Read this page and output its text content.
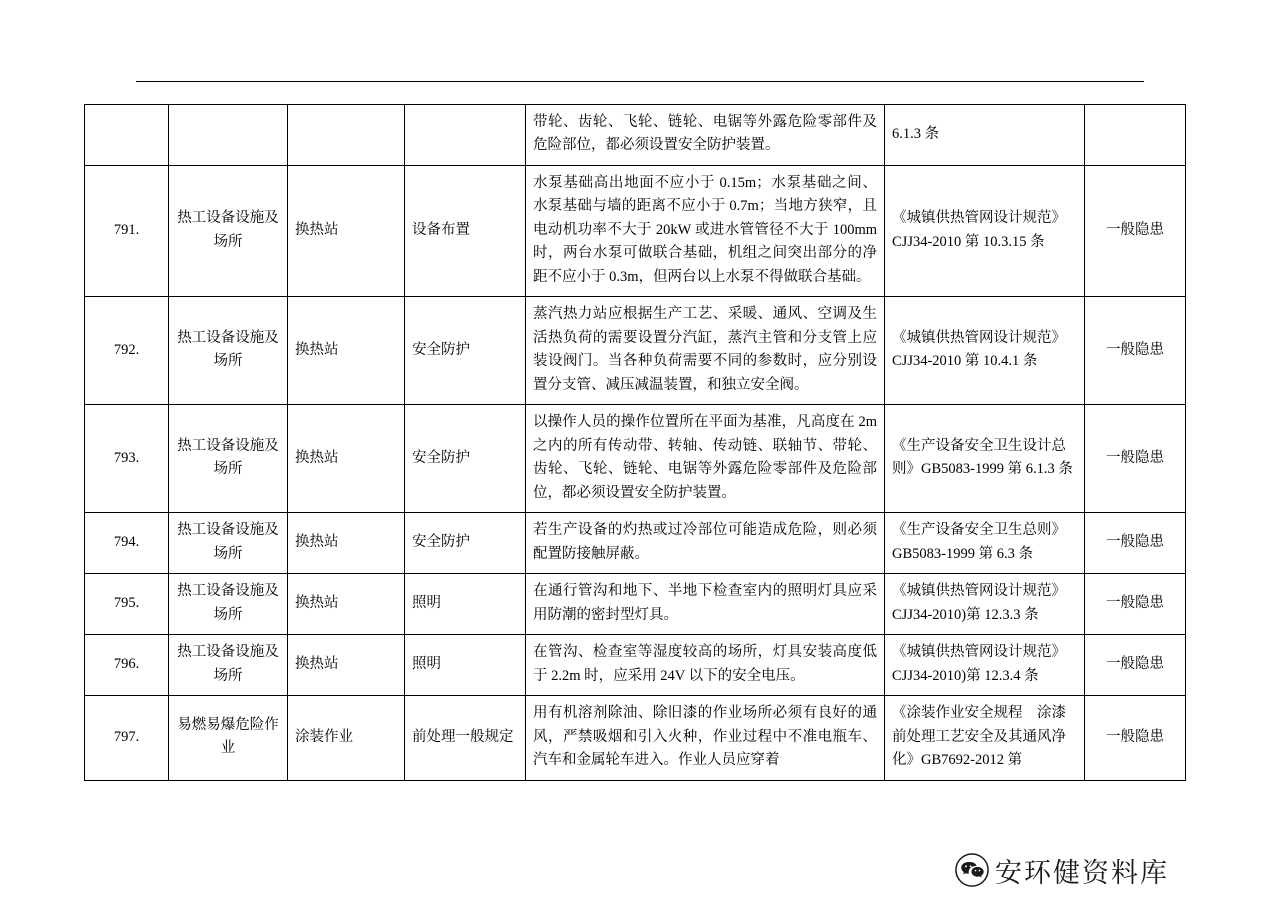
				带轮、齿轮、飞轮、链轮、电锯等外露危险零部件及危险部位，都必须设置安全防护装置。	6.1.3 条	
791.	热工设备设施及场所	换热站	设备布置	水泵基础高出地面不应小于 0.15m；水泵基础之间、水泵基础与墙的距离不应小于 0.7m；当地方狭窄，且电动机功率不大于 20kW 或进水管管径不大于 100mm 时，两台水泵可做联合基础，机组之间突出部分的净距不应小于 0.3m，但两台以上水泵不得做联合基础。	《城镇供热管网设计规范》CJJ34-2010 第 10.3.15 条	一般隐患
792.	热工设备设施及场所	换热站	安全防护	蒸汽热力站应根据生产工艺、采暖、通风、空调及生活热负荷的需要设置分汽缸，蒸汽主管和分支管上应装设阀门。当各种负荷需要不同的参数时，应分别设置分支管、减压减温装置，和独立安全阀。	《城镇供热管网设计规范》CJJ34-2010 第 10.4.1 条	一般隐患
793.	热工设备设施及场所	换热站	安全防护	以操作人员的操作位置所在平面为基准，凡高度在 2m 之内的所有传动带、转轴、传动链、联轴节、带轮、齿轮、飞轮、链轮、电锯等外露危险零部件及危险部位，都必须设置安全防护装置。	《生产设备安全卫生设计总则》GB5083-1999 第 6.1.3 条	一般隐患
794.	热工设备设施及场所	换热站	安全防护	若生产设备的灼热或过冷部位可能造成危险，则必须配置防接触屏蔽。	《生产设备安全卫生总则》GB5083-1999 第 6.3 条	一般隐患
795.	热工设备设施及场所	换热站	照明	在通行管沟和地下、半地下检查室内的照明灯具应采用防潮的密封型灯具。	《城镇供热管网设计规范》CJJ34-2010)第 12.3.3 条	一般隐患
796.	热工设备设施及场所	换热站	照明	在管沟、检查室等湿度较高的场所，灯具安装高度低于 2.2m 时，应采用 24V 以下的安全电压。	《城镇供热管网设计规范》CJJ34-2010)第 12.3.4 条	一般隐患
797.	易燃易爆危险作业	涂装作业	前处理一般规定	用有机溶剂除油、除旧漆的作业场所必须有良好的通风，严禁吸烟和引入火种，作业过程中不准电瓶车、汽车和金属轮车进入。作业人员应穿着	《涂装作业安全规程　涂漆前处理工艺安全及其通风净化》GB7692-2012 第	一般隐患
安环健资料库
